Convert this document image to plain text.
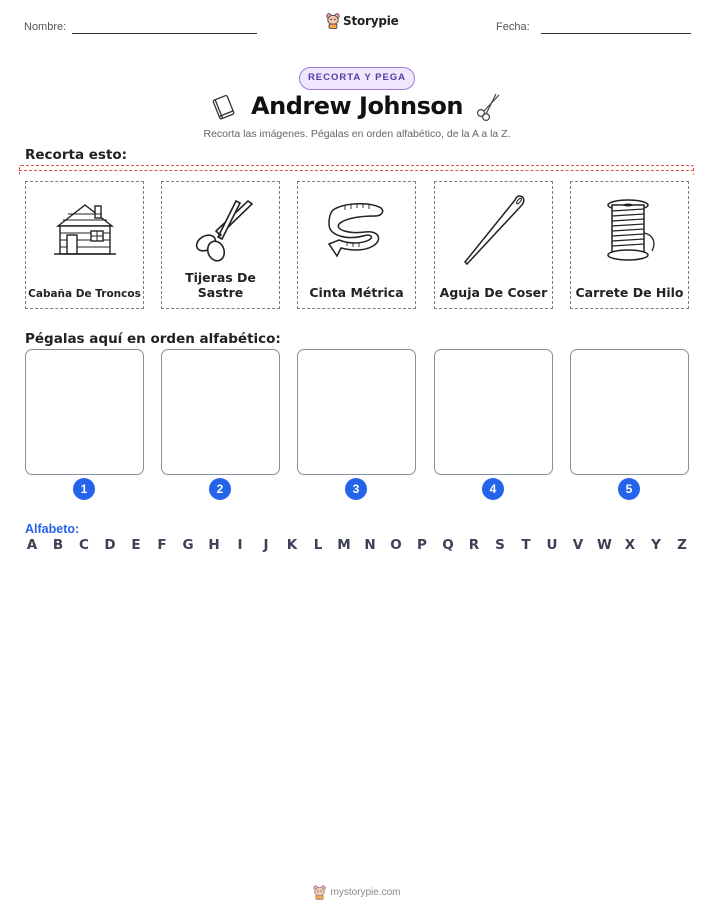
Nombre:	Storypie	Fecha:
RECORTA Y PEGA
Andrew Johnson
Recorta las imágenes. Pégalas en orden alfabético, de la A a la Z.
Recorta esto:
Cabaña De Troncos
Tijeras De Sastre	Cinta Métrica	Aguja De Coser	Carrete De Hilo
Pégalas aquí en orden alfabético:
1	2	3	4	5
Alfabeto:
A B C D E F G H	I	J	K L M N O P Q R S T U V W X Y Z
mystorypie.com
